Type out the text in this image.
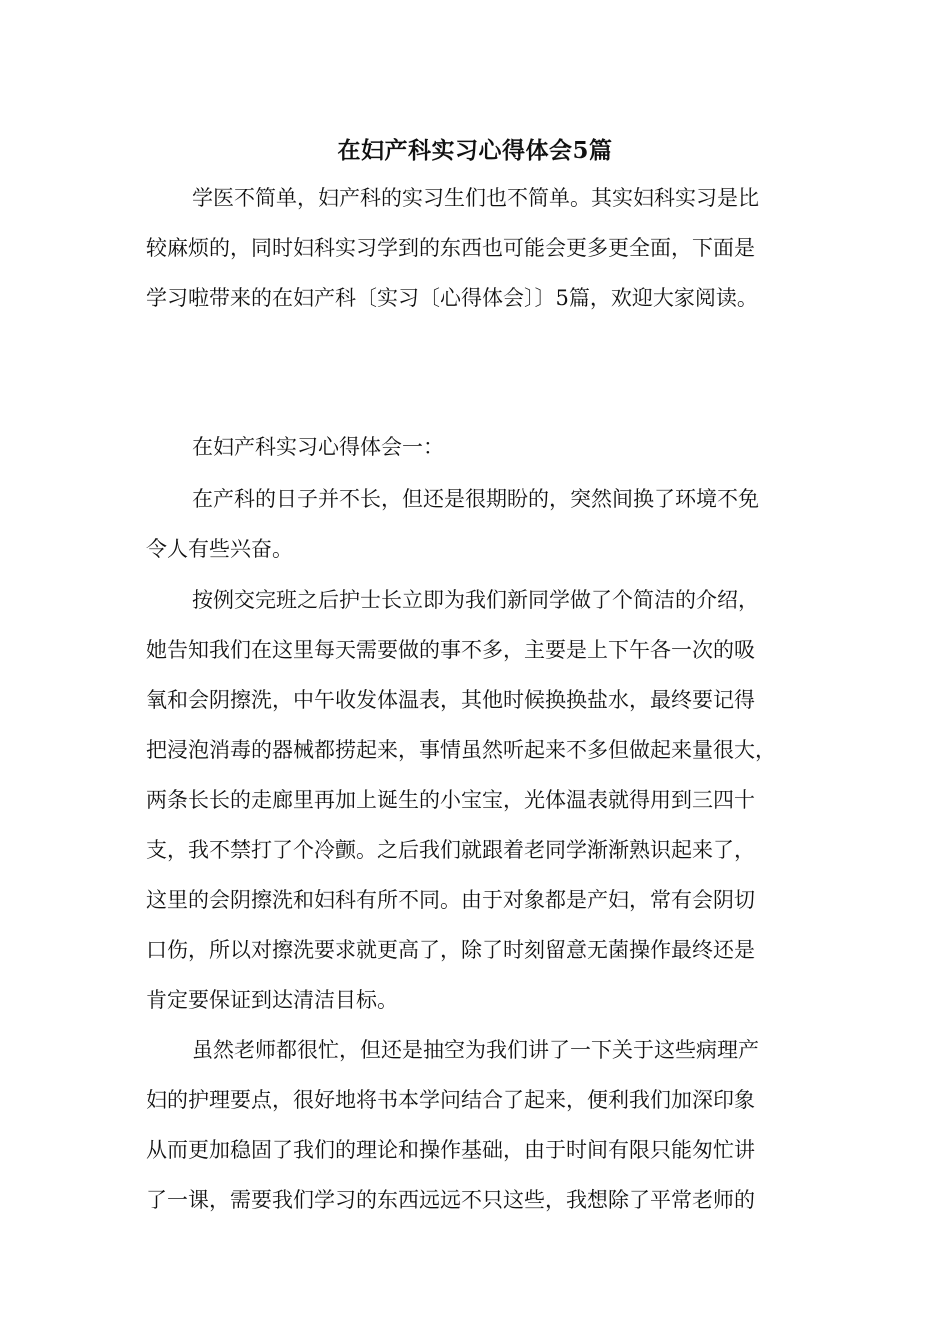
在妇产科实习心得体会5篇
学医不简单，妇产科的实习生们也不简单。其实妇科实习是比
较麻烦的，同时妇科实习学到的东西也可能会更多更全面，下面是
学习啦带来的在妇产科〔实习〔心得体会〕〕5篇，欢迎大家阅读。
在妇产科实习心得体会一：
在产科的日子并不长，但还是很期盼的，突然间换了环境不免
令人有些兴奋。
按例交完班之后护士长立即为我们新同学做了个简洁的介绍，
她告知我们在这里每天需要做的事不多，主要是上下午各一次的吸
氧和会阴擦洗，中午收发体温表，其他时候换换盐水，最终要记得
把浸泡消毒的器械都捞起来，事情虽然听起来不多但做起来量很大，
两条长长的走廊里再加上诞生的小宝宝，光体温表就得用到三四十
支，我不禁打了个冷颤。之后我们就跟着老同学渐渐熟识起来了，
这里的会阴擦洗和妇科有所不同。由于对象都是产妇，常有会阴切
口伤，所以对擦洗要求就更高了，除了时刻留意无菌操作最终还是
肯定要保证到达清洁目标。
虽然老师都很忙，但还是抽空为我们讲了一下关于这些病理产
妇的护理要点，很好地将书本学问结合了起来，便利我们加深印象
从而更加稳固了我们的理论和操作基础，由于时间有限只能匆忙讲
了一课，需要我们学习的东西远远不只这些，我想除了平常老师的
